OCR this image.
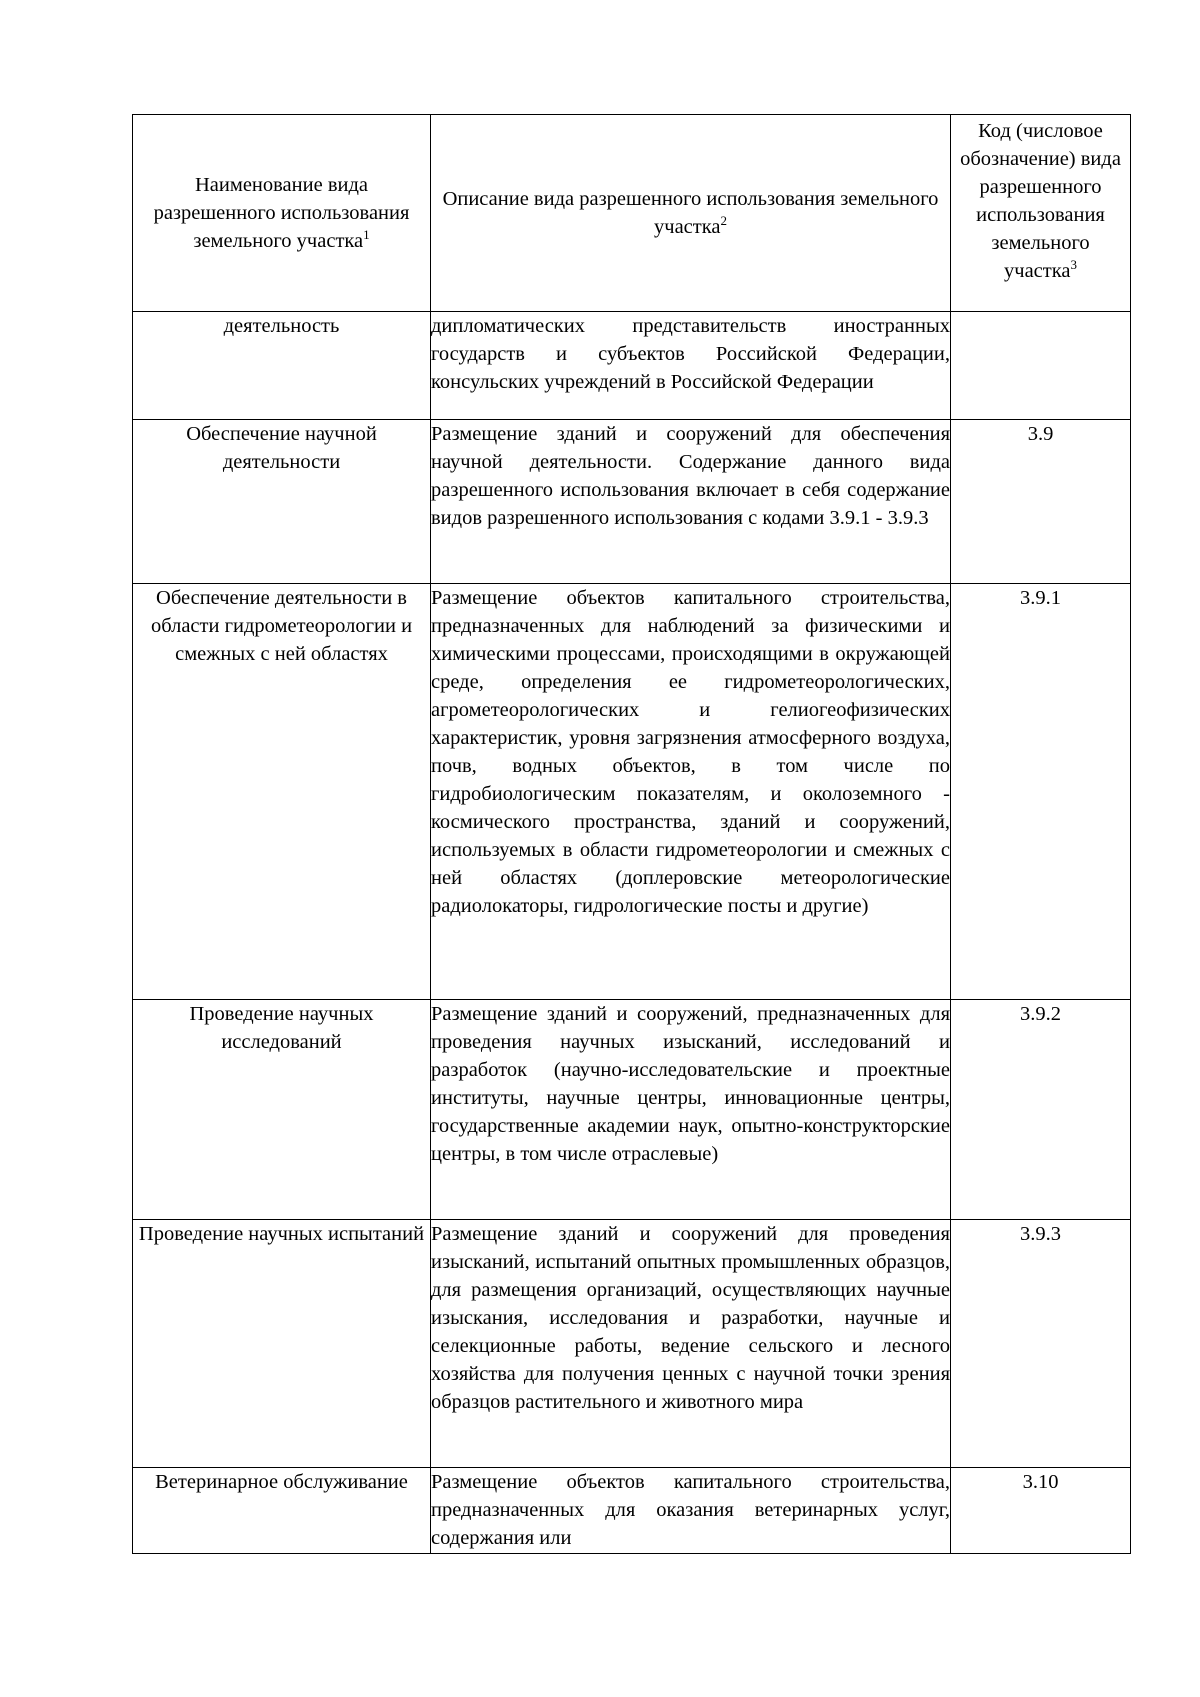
Наименование вида разрешенного использования земельного участка$^1$	Описание вида разрешенного использования земельного участка$^2$	Код (числовое обозначение) вида разрешенного использования земельного участка$^3$

деятельность	дипломатических представительств иностранных государств и субъектов Российской Федерации, консульских учреждений в Российской Федерации	
Обеспечение научной деятельности	Размещение зданий и сооружений для обеспечения научной деятельности. Содержание данного вида разрешенного использования включает в себя содержание видов разрешенного использования с кодами 3.9.1 - 3.9.3	3.9
Обеспечение деятельности в области гидрометеорологии и смежных с ней областях	Размещение объектов капитального строительства, предназначенных для наблюдений за физическими и химическими процессами, происходящими в окружающей среде, определения ее гидрометеорологических, агрометеорологических и гелиогеофизических характеристик, уровня загрязнения атмосферного воздуха, почв, водных объектов, в том числе по гидробиологическим показателям, и околоземного - космического пространства, зданий и сооружений, используемых в области гидрометеорологии и смежных с ней областях (доплеровские метеорологические радиолокаторы, гидрологические посты и другие)	3.9.1
Проведение научных исследований	Размещение зданий и сооружений, предназначенных для проведения научных изысканий, исследований и разработок (научно-исследовательские и проектные институты, научные центры, инновационные центры, государственные академии наук, опытно-конструкторские центры, в том числе отраслевые)	3.9.2
Проведение научных испытаний	Размещение зданий и сооружений для проведения изысканий, испытаний опытных промышленных образцов, для размещения организаций, осуществляющих научные изыскания, исследования и разработки, научные и селекционные работы, ведение сельского и лесного хозяйства для получения ценных с научной точки зрения образцов растительного и животного мира	3.9.3
Ветеринарное обслуживание	Размещение объектов капитального строительства, предназначенных для оказания ветеринарных услуг, содержания или	3.10
